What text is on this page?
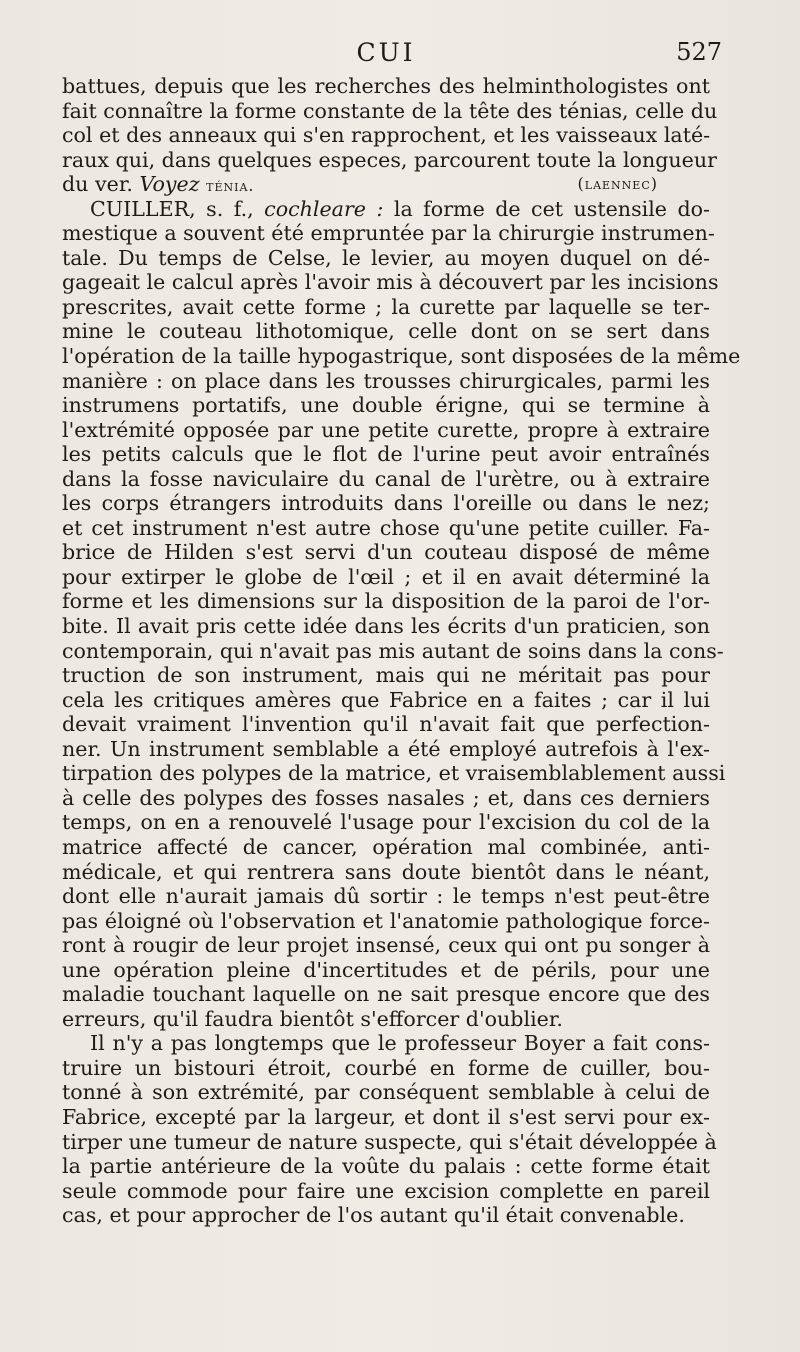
CUI	527
battues, depuis que les recherches des helminthologistes ont
fait connaître la forme constante de la tête des ténias, celle du
col et des anneaux qui s'en rapprochent, et les vaisseaux laté-
raux qui, dans quelques especes, parcourent toute la longueur
du ver. Voyez ténia.	(laennec)
CUILLER, s. f., cochleare : la forme de cet ustensile do-
mestique a souvent été empruntée par la chirurgie instrumen-
tale. Du temps de Celse, le levier, au moyen duquel on dé-
gageait le calcul après l'avoir mis à découvert par les incisions
prescrites, avait cette forme ; la curette par laquelle se ter-
mine le couteau lithotomique, celle dont on se sert dans
l'opération de la taille hypogastrique, sont disposées de la même
manière : on place dans les trousses chirurgicales, parmi les
instrumens portatifs, une double érigne, qui se termine à
l'extrémité opposée par une petite curette, propre à extraire
les petits calculs que le flot de l'urine peut avoir entraînés
dans la fosse naviculaire du canal de l'urètre, ou à extraire
les corps étrangers introduits dans l'oreille ou dans le nez;
et cet instrument n'est autre chose qu'une petite cuiller. Fa-
brice de Hilden s'est servi d'un couteau disposé de même
pour extirper le globe de l'œil ; et il en avait déterminé la
forme et les dimensions sur la disposition de la paroi de l'or-
bite. Il avait pris cette idée dans les écrits d'un praticien, son
contemporain, qui n'avait pas mis autant de soins dans la cons-
truction de son instrument, mais qui ne méritait pas pour
cela les critiques amères que Fabrice en a faites ; car il lui
devait vraiment l'invention qu'il n'avait fait que perfection-
ner. Un instrument semblable a été employé autrefois à l'ex-
tirpation des polypes de la matrice, et vraisemblablement aussi
à celle des polypes des fosses nasales ; et, dans ces derniers
temps, on en a renouvelé l'usage pour l'excision du col de la
matrice affecté de cancer, opération mal combinée, anti-
médicale, et qui rentrera sans doute bientôt dans le néant,
dont elle n'aurait jamais dû sortir : le temps n'est peut-être
pas éloigné où l'observation et l'anatomie pathologique force-
ront à rougir de leur projet insensé, ceux qui ont pu songer à
une opération pleine d'incertitudes et de périls, pour une
maladie touchant laquelle on ne sait presque encore que des
erreurs, qu'il faudra bientôt s'efforcer d'oublier.
Il n'y a pas longtemps que le professeur Boyer a fait cons-
truire un bistouri étroit, courbé en forme de cuiller, bou-
tonné à son extrémité, par conséquent semblable à celui de
Fabrice, excepté par la largeur, et dont il s'est servi pour ex-
tirper une tumeur de nature suspecte, qui s'était développée à
la partie antérieure de la voûte du palais : cette forme était
seule commode pour faire une excision complette en pareil
cas, et pour approcher de l'os autant qu'il était convenable.
